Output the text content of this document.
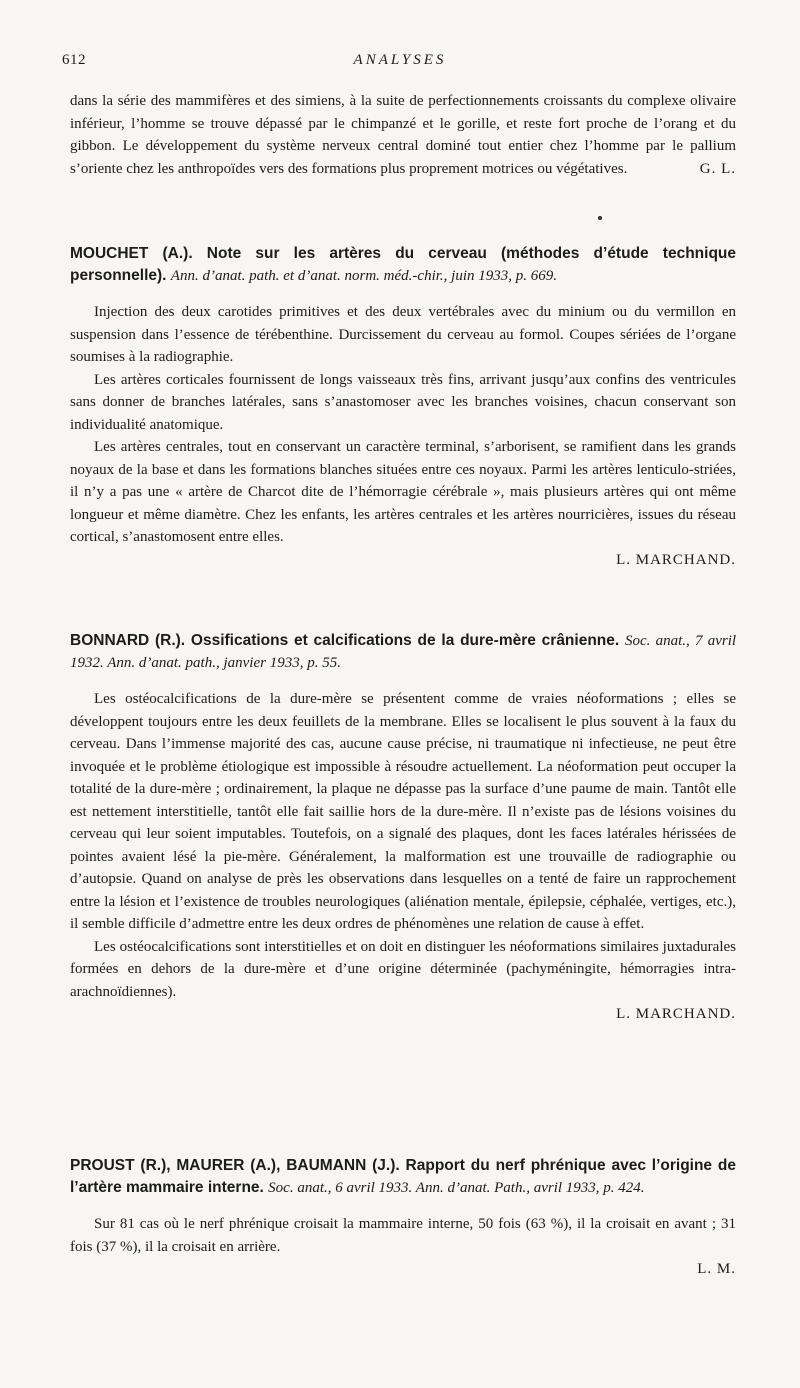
612	ANALYSES

dans la série des mammifères et des simiens, à la suite de perfectionnements croissants du complexe olivaire inférieur, l’homme se trouve dépassé par le chimpanzé et le gorille, et reste fort proche de l’orang et du gibbon. Le développement du système nerveux central dominé tout entier chez l’homme par le pallium s’oriente chez les anthropoïdes vers des formations plus proprement motrices ou végétatives.	G. L.

MOUCHET (A.). Note sur les artères du cerveau (méthodes d’étude technique personnelle). Ann. d’anat. path. et d’anat. norm. méd.-chir., juin 1933, p. 669.

Injection des deux carotides primitives et des deux vertébrales avec du minium ou du vermillon en suspension dans l’essence de térébenthine. Durcissement du cerveau au formol. Coupes sériées de l’organe soumises à la radiographie.

Les artères corticales fournissent de longs vaisseaux très fins, arrivant jusqu’aux confins des ventricules sans donner de branches latérales, sans s’anastomoser avec les branches voisines, chacun conservant son individualité anatomique.

Les artères centrales, tout en conservant un caractère terminal, s’arborisent, se ramifient dans les grands noyaux de la base et dans les formations blanches situées entre ces noyaux. Parmi les artères lenticulo-striées, il n’y a pas une « artère de Charcot dite de l’hémorragie cérébrale », mais plusieurs artères qui ont même longueur et même diamètre. Chez les enfants, les artères centrales et les artères nourricières, issues du réseau cortical, s’anastomosent entre elles.

L. MARCHAND.

BONNARD (R.). Ossifications et calcifications de la dure-mère crânienne. Soc. anat., 7 avril 1932. Ann. d’anat. path., janvier 1933, p. 55.

Les ostéocalcifications de la dure-mère se présentent comme de vraies néoformations ; elles se développent toujours entre les deux feuillets de la membrane. Elles se localisent le plus souvent à la faux du cerveau. Dans l’immense majorité des cas, aucune cause précise, ni traumatique ni infectieuse, ne peut être invoquée et le problème étiologique est impossible à résoudre actuellement. La néoformation peut occuper la totalité de la dure-mère ; ordinairement, la plaque ne dépasse pas la surface d’une paume de main. Tantôt elle est nettement interstitielle, tantôt elle fait saillie hors de la dure-mère. Il n’existe pas de lésions voisines du cerveau qui leur soient imputables. Toutefois, on a signalé des plaques, dont les faces latérales hérissées de pointes avaient lésé la pie-mère. Généralement, la malformation est une trouvaille de radiographie ou d’autopsie. Quand on analyse de près les observations dans lesquelles on a tenté de faire un rapprochement entre la lésion et l’existence de troubles neurologiques (aliénation mentale, épilepsie, céphalée, vertiges, etc.), il semble difficile d’admettre entre les deux ordres de phénomènes une relation de cause à effet.

Les ostéocalcifications sont interstitielles et on doit en distinguer les néoformations similaires juxtadurales formées en dehors de la dure-mère et d’une origine déterminée (pachyméningite, hémorragies intra-arachnoïdiennes).

L. MARCHAND.

PROUST (R.), MAURER (A.), BAUMANN (J.). Rapport du nerf phrénique avec l’origine de l’artère mammaire interne. Soc. anat., 6 avril 1933. Ann. d’anat. Path., avril 1933, p. 424.

Sur 81 cas où le nerf phrénique croisait la mammaire interne, 50 fois (63 %), il la croisait en avant ; 31 fois (37 %), il la croisait en arrière.

L. M.
